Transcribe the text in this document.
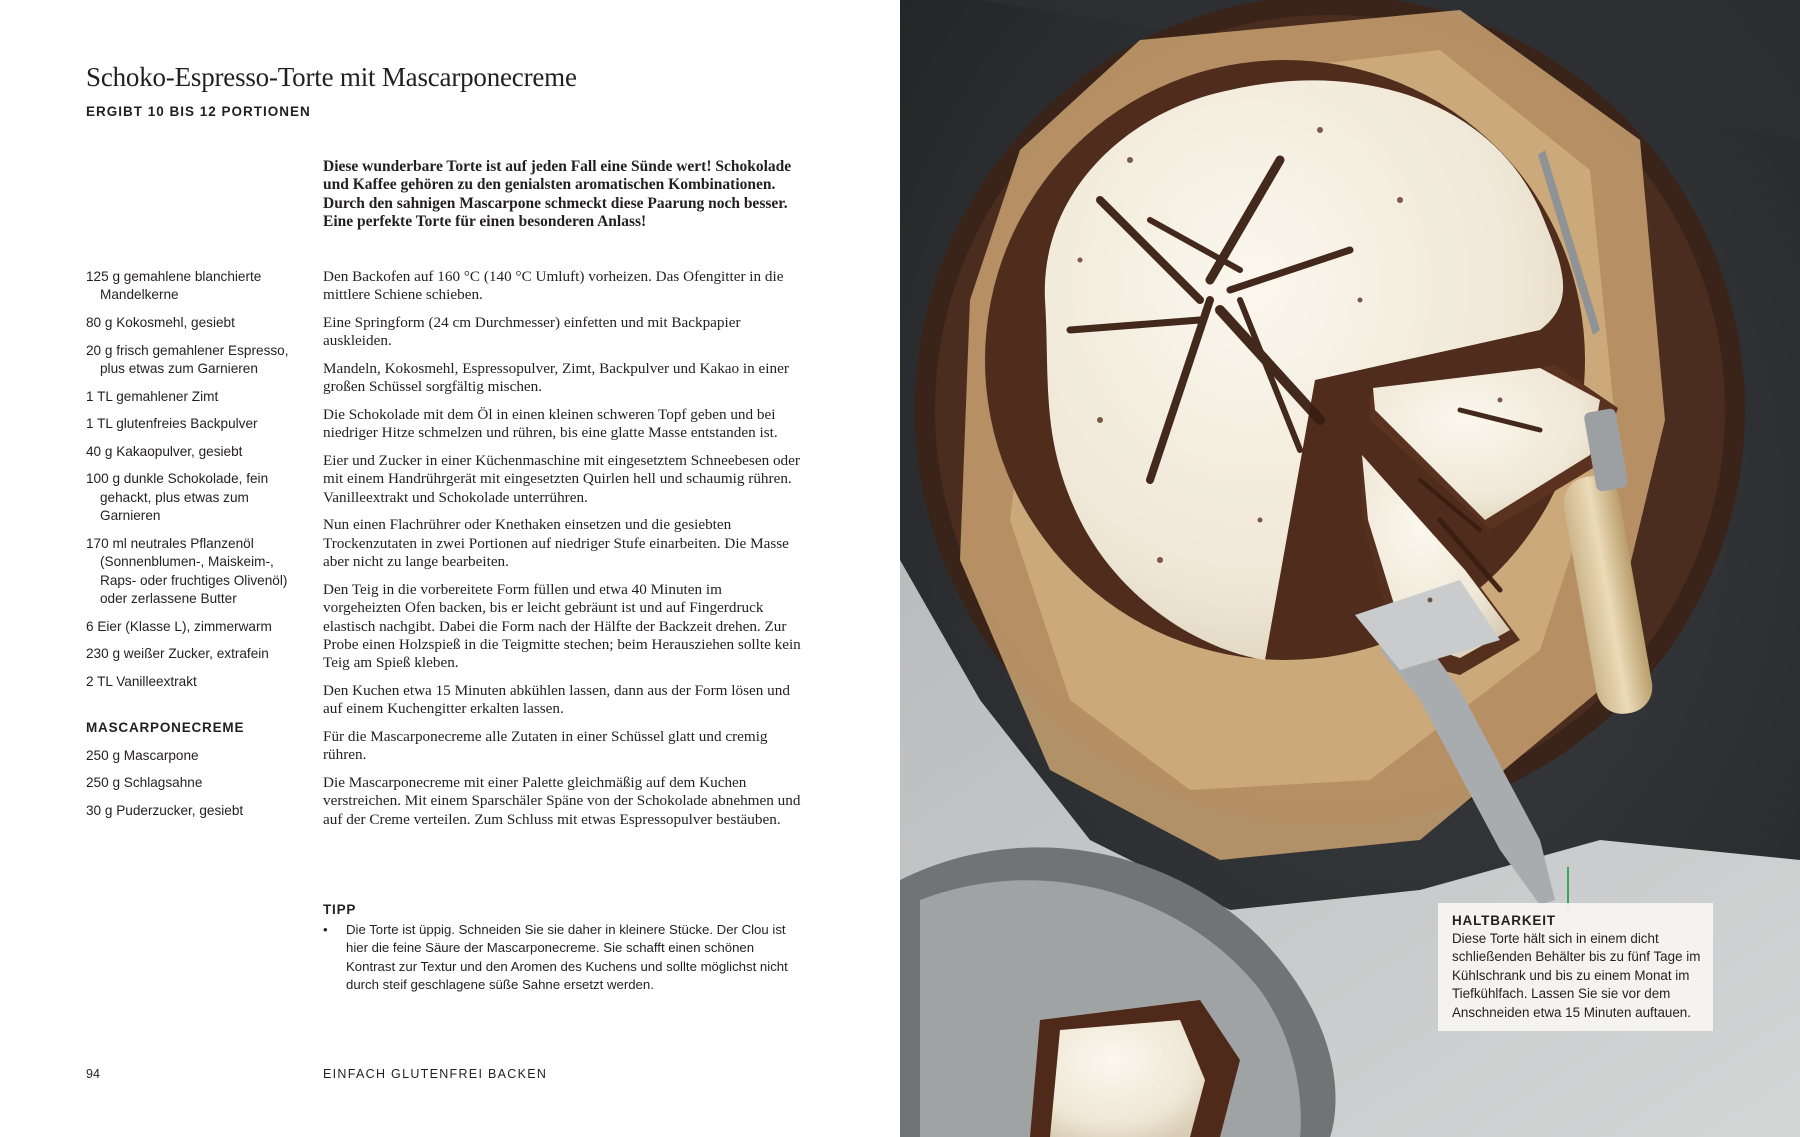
Schoko-Espresso-Torte mit Mascarponecreme
ERGIBT 10 BIS 12 PORTIONEN
Diese wunderbare Torte ist auf jeden Fall eine Sünde wert! Schokolade und Kaffee gehören zu den genialsten aromatischen Kombinationen. Durch den sahnigen Mascarpone schmeckt diese Paarung noch besser. Eine perfekte Torte für einen besonderen Anlass!
125 g gemahlene blanchierte Mandelkerne
80 g Kokosmehl, gesiebt
20 g frisch gemahlener Espresso, plus etwas zum Garnieren
1 TL gemahlener Zimt
1 TL glutenfreies Backpulver
40 g Kakaopulver, gesiebt
100 g dunkle Schokolade, fein gehackt, plus etwas zum Garnieren
170 ml neutrales Pflanzenöl (Sonnenblumen-, Maiskeim-, Raps- oder fruchtiges Olivenöl) oder zerlassene Butter
6 Eier (Klasse L), zimmerwarm
230 g weißer Zucker, extrafein
2 TL Vanilleextrakt
MASCARPONECREME
250 g Mascarpone
250 g Schlagsahne
30 g Puderzucker, gesiebt

Den Backofen auf 160 °C (140 °C Umluft) vorheizen. Das Ofengitter in die mittlere Schiene schieben.

Eine Springform (24 cm Durchmesser) einfetten und mit Backpapier auskleiden.

Mandeln, Kokosmehl, Espressopulver, Zimt, Backpulver und Kakao in einer großen Schüssel sorgfältig mischen.

Die Schokolade mit dem Öl in einen kleinen schweren Topf geben und bei niedriger Hitze schmelzen und rühren, bis eine glatte Masse entstanden ist.

Eier und Zucker in einer Küchenmaschine mit eingesetztem Schneebesen oder mit einem Handrührgerät mit eingesetzten Quirlen hell und schaumig rühren. Vanilleextrakt und Schokolade unterrühren.

Nun einen Flachrührer oder Knethaken einsetzen und die gesiebten Trockenzutaten in zwei Portionen auf niedriger Stufe einarbeiten. Die Masse aber nicht zu lange bearbeiten.

Den Teig in die vorbereitete Form füllen und etwa 40 Minuten im vorgeheizten Ofen backen, bis er leicht gebräunt ist und auf Fingerdruck elastisch nachgibt. Dabei die Form nach der Hälfte der Backzeit drehen. Zur Probe einen Holzspieß in die Teigmitte stechen; beim Herausziehen sollte kein Teig am Spieß kleben.

Den Kuchen etwa 15 Minuten abkühlen lassen, dann aus der Form lösen und auf einem Kuchengitter erkalten lassen.

Für die Mascarponecreme alle Zutaten in einer Schüssel glatt und cremig rühren.

Die Mascarponecreme mit einer Palette gleichmäßig auf dem Kuchen verstreichen. Mit einem Sparschäler Späne von der Schokolade abnehmen und auf der Creme verteilen. Zum Schluss mit etwas Espressopulver bestäuben.

TIPP
•	Die Torte ist üppig. Schneiden Sie sie daher in kleinere Stücke. Der Clou ist hier die feine Säure der Mascarponecreme. Sie schafft einen schönen Kontrast zur Textur und den Aromen des Kuchens und sollte möglichst nicht durch steif geschlagene süße Sahne ersetzt werden.
94	EINFACH GLUTENFREI BACKEN
HALTBARKEIT
Diese Torte hält sich in einem dicht schließenden Behälter bis zu fünf Tage im Kühlschrank und bis zu einem Monat im Tiefkühlfach. Lassen Sie sie vor dem Anschneiden etwa 15 Minuten auftauen.
